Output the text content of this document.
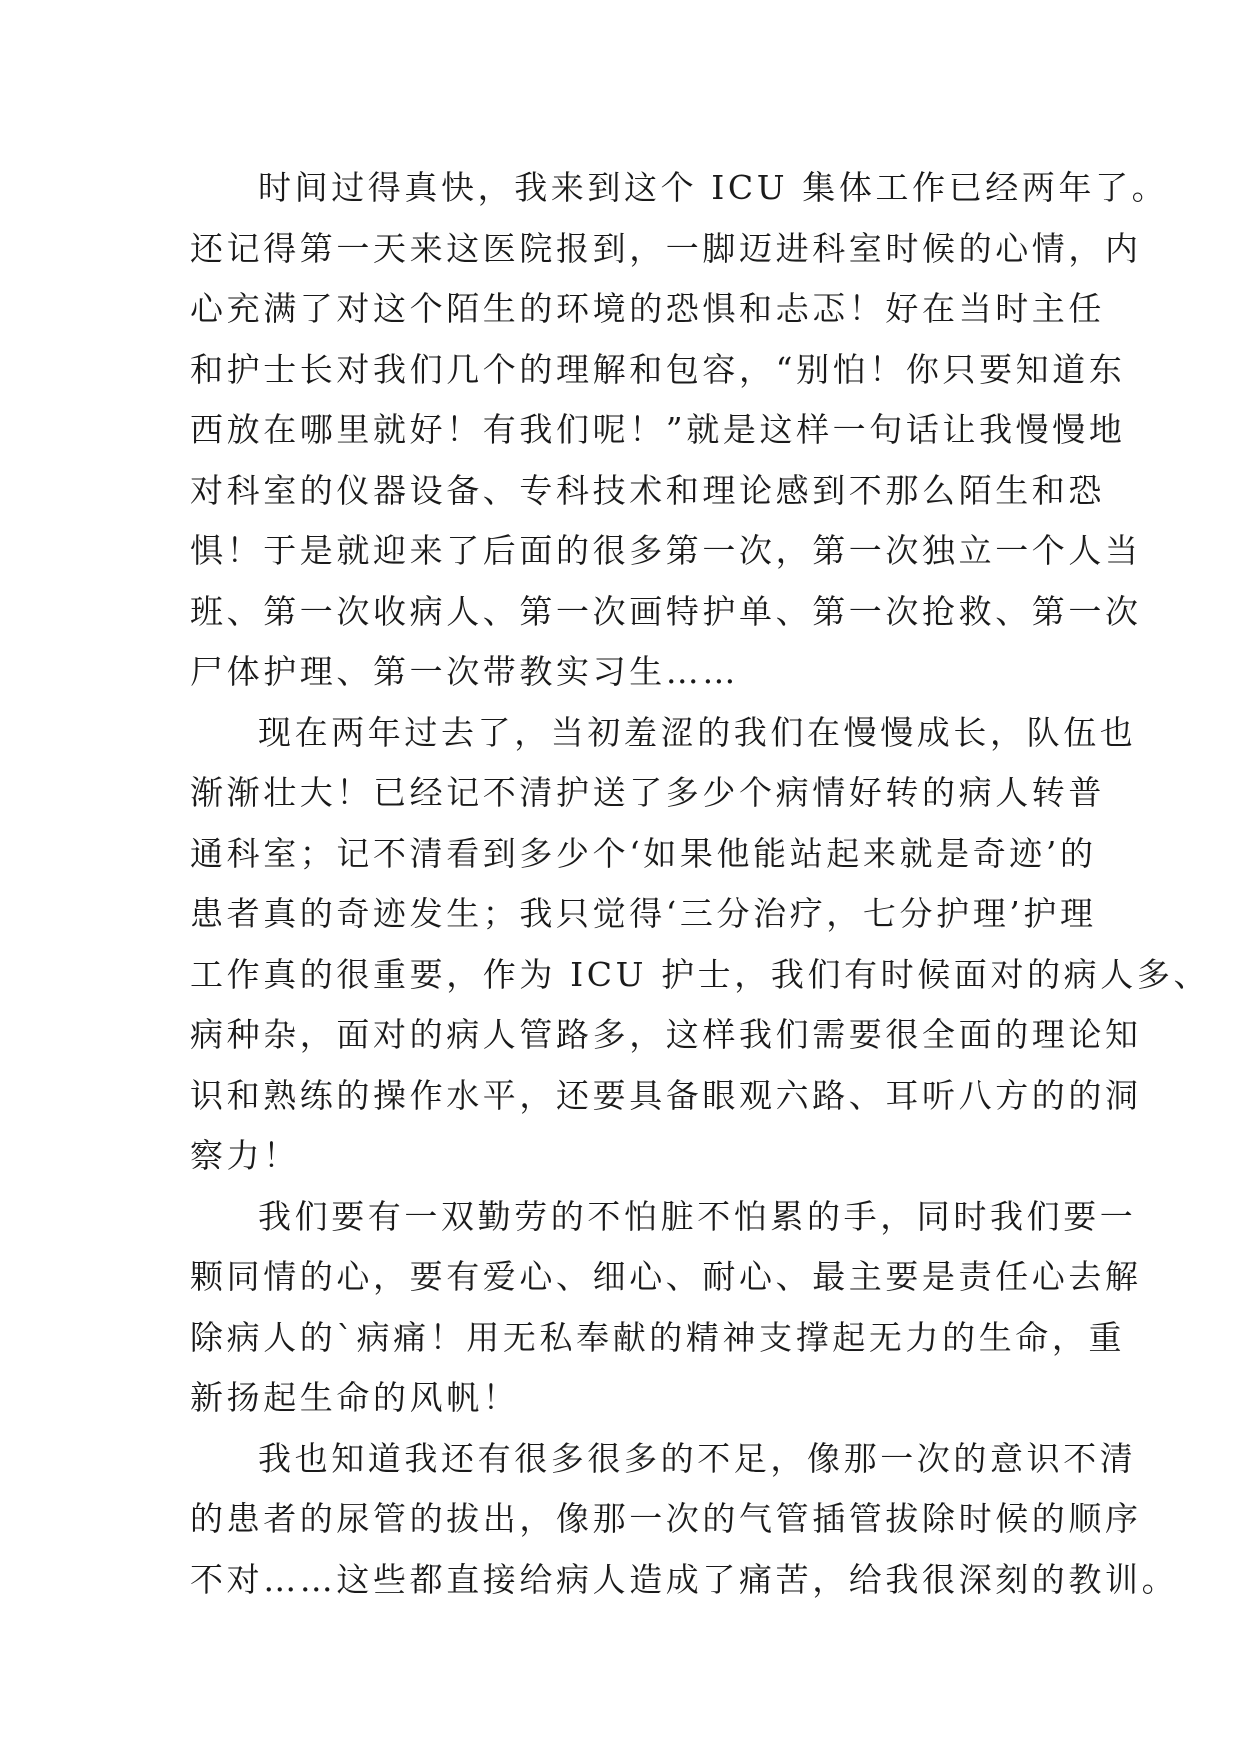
时间过得真快，我来到这个 ICU 集体工作已经两年了。
还记得第一天来这医院报到，一脚迈进科室时候的心情，内
心充满了对这个陌生的环境的恐惧和忐忑！好在当时主任
和护士长对我们几个的理解和包容，“别怕！你只要知道东
西放在哪里就好！有我们呢！”就是这样一句话让我慢慢地
对科室的仪器设备、专科技术和理论感到不那么陌生和恐
惧！于是就迎来了后面的很多第一次，第一次独立一个人当
班、第一次收病人、第一次画特护单、第一次抢救、第一次
尸体护理、第一次带教实习生……
现在两年过去了，当初羞涩的我们在慢慢成长，队伍也
渐渐壮大！已经记不清护送了多少个病情好转的病人转普
通科室；记不清看到多少个‘如果他能站起来就是奇迹’的
患者真的奇迹发生；我只觉得‘三分治疗，七分护理’护理
工作真的很重要，作为 ICU 护士，我们有时候面对的病人多、
病种杂，面对的病人管路多，这样我们需要很全面的理论知
识和熟练的操作水平，还要具备眼观六路、耳听八方的的洞
察力！
我们要有一双勤劳的不怕脏不怕累的手，同时我们要一
颗同情的心，要有爱心、细心、耐心、最主要是责任心去解
除病人的`病痛！用无私奉献的精神支撑起无力的生命，重
新扬起生命的风帆！
我也知道我还有很多很多的不足，像那一次的意识不清
的患者的尿管的拔出，像那一次的气管插管拔除时候的顺序
不对……这些都直接给病人造成了痛苦，给我很深刻的教训。
